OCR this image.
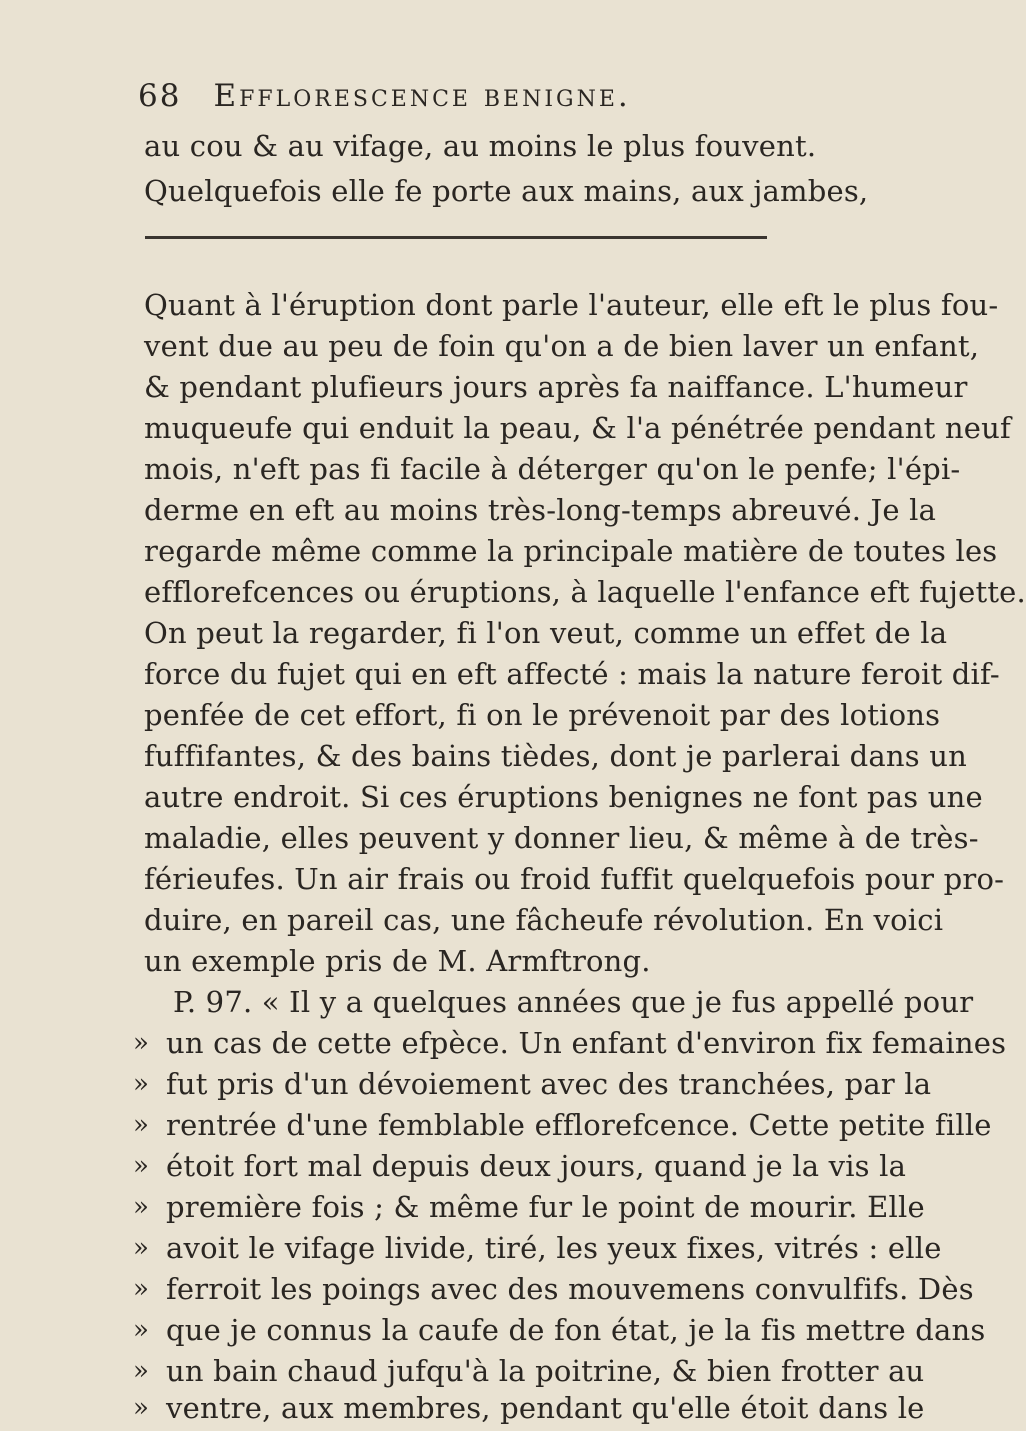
68 Efflorescence benigne.
au cou & au vifage, au moins le plus fouvent.
Quelquefois elle fe porte aux mains, aux jambes,
Quant à l'éruption dont parle l'auteur, elle eft le plus fou-
vent due au peu de foin qu'on a de bien laver un enfant,
& pendant plufieurs jours après fa naiffance. L'humeur
muqueufe qui enduit la peau, & l'a pénétrée pendant neuf
mois, n'eft pas fi facile à déterger qu'on le penfe; l'épi-
derme en eft au moins très-long-temps abreuvé. Je la
regarde même comme la principale matière de toutes les
efflorefcences ou éruptions, à laquelle l'enfance eft fujette.
On peut la regarder, fi l'on veut, comme un effet de la
force du fujet qui en eft affecté : mais la nature feroit dif-
penfée de cet effort, fi on le prévenoit par des lotions
fuffifantes, & des bains tièdes, dont je parlerai dans un
autre endroit. Si ces éruptions benignes ne font pas une
maladie, elles peuvent y donner lieu, & même à de très-
férieufes. Un air frais ou froid fuffit quelquefois pour pro-
duire, en pareil cas, une fâcheufe révolution. En voici
un exemple pris de M. Armftrong.
P. 97. « Il y a quelques années que je fus appellé pour
» un cas de cette efpèce. Un enfant d'environ fix femaines
» fut pris d'un dévoiement avec des tranchées, par la
» rentrée d'une femblable efflorefcence. Cette petite fille
» étoit fort mal depuis deux jours, quand je la vis la
» première fois ; & même fur le point de mourir. Elle
» avoit le vifage livide, tiré, les yeux fixes, vitrés : elle
» ferroit les poings avec des mouvemens convulfifs. Dès
» que je connus la caufe de fon état, je la fis mettre dans
» un bain chaud jufqu'à la poitrine, & bien frotter au
» ventre, aux membres, pendant qu'elle étoit dans le
